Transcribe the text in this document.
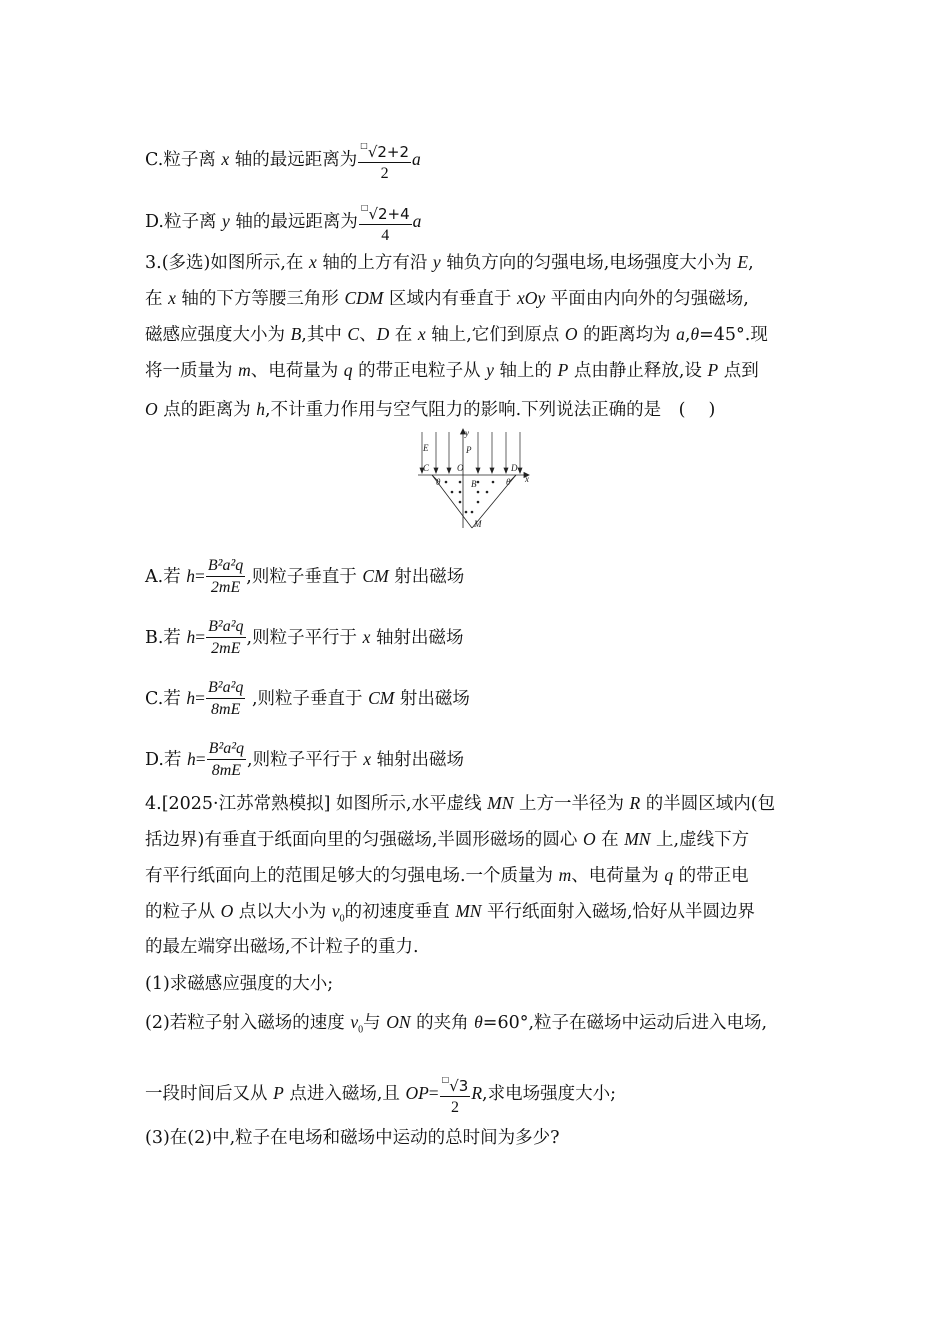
C.粒子离 x 轴的最远距离为 $\frac{^□√2+2}{2}$ a
D.粒子离 y 轴的最远距离为 $\frac{^□√2+4}{4}$ a
3.(多选)如图所示,在 x 轴的上方有沿 y 轴负方向的匀强电场,电场强度大小为 E,
在 x 轴的下方等腰三角形 CDM 区域内有垂直于 xOy 平面由内向外的匀强磁场,
磁感应强度大小为 B,其中 C、D 在 x 轴上,它们到原点 O 的距离均为 a,θ=45°.现
将一质量为 m、电荷量为 q 的带正电粒子从 y 轴上的 P 点由静止释放,设 P 点到
O 点的距离为 h,不计重力作用与空气阻力的影响.下列说法正确的是　(　 )
E
y
P
C	O	D
x
θ	θ
B
M
A.若 $h= \frac{\text{B²a²q}}{2mE}$ ,则粒子垂直于 CM 射出磁场
B.若 $h= \frac{\text{B²a²q}}{2mE}$ ,则粒子平行于 x 轴射出磁场
C.若 $h= \frac{\text{B²a²q}}{8mE}$ ,则粒子垂直于 CM 射出磁场
D.若 $h= \frac{\text{B²a²q}}{8mE}$ ,则粒子平行于 x 轴射出磁场
4.[2025·江苏常熟模拟] 如图所示,水平虚线 MN 上方一半径为 R 的半圆区域内(包
括边界)有垂直于纸面向里的匀强磁场,半圆形磁场的圆心 O 在 MN 上,虚线下方
有平行纸面向上的范围足够大的匀强电场.一个质量为 m、电荷量为 q 的带正电
的粒子从 O 点以大小为 $v_0$的初速度垂直 MN 平行纸面射入磁场,恰好从半圆边界
的最左端穿出磁场,不计粒子的重力.
(1)求磁感应强度的大小;
(2)若粒子射入磁场的速度 $v_0$与 ON 的夹角 θ=60°,粒子在磁场中运动后进入电场,
一段时间后又从 P 点进入磁场,且 $OP= \frac{^□√3}{2} R$,求电场强度大小;
(3)在(2)中,粒子在电场和磁场中运动的总时间为多少?
